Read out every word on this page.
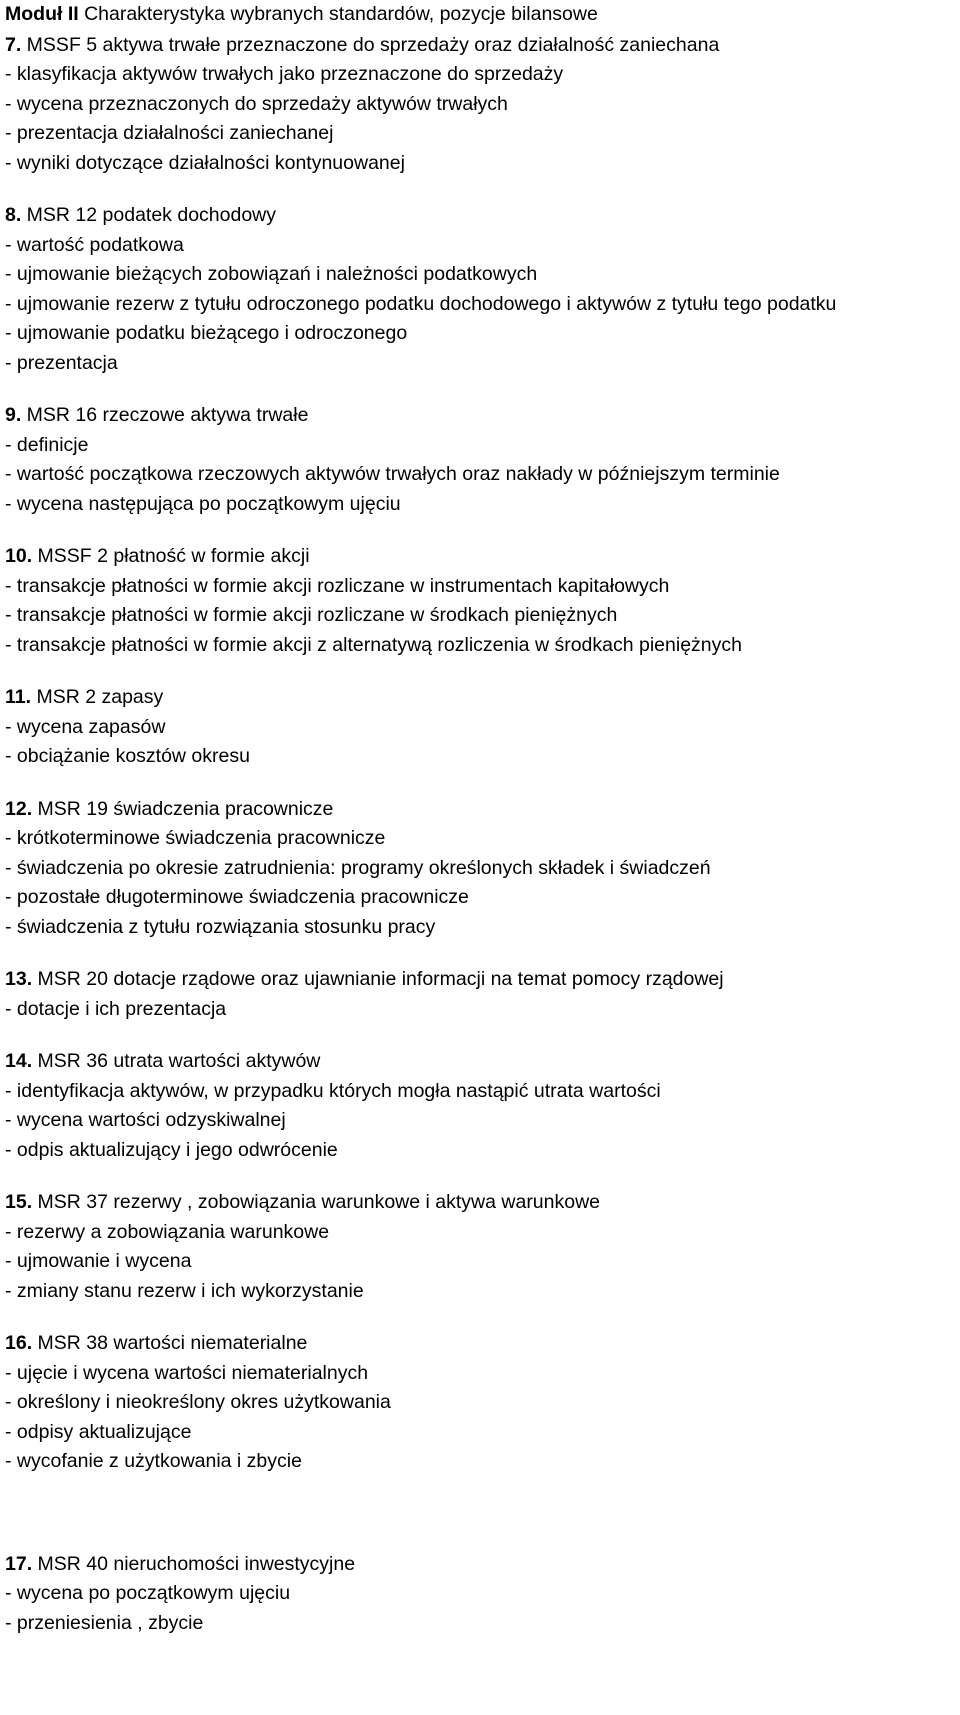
Moduł II Charakterystyka wybranych standardów, pozycje bilansowe
7. MSSF 5 aktywa trwałe przeznaczone do sprzedaży oraz działalność zaniechana
- klasyfikacja aktywów trwałych jako przeznaczone do sprzedaży
- wycena przeznaczonych do sprzedaży aktywów trwałych
- prezentacja działalności zaniechanej
- wyniki dotyczące działalności kontynuowanej
8. MSR 12 podatek dochodowy
- wartość podatkowa
- ujmowanie bieżących zobowiązań i należności podatkowych
- ujmowanie rezerw z tytułu odroczonego podatku dochodowego i aktywów z tytułu tego podatku
- ujmowanie podatku bieżącego i odroczonego
- prezentacja
9. MSR 16 rzeczowe aktywa trwałe
- definicje
- wartość początkowa rzeczowych aktywów trwałych oraz nakłady w późniejszym terminie
- wycena następująca po początkowym ujęciu
10. MSSF 2 płatność w formie akcji
- transakcje płatności w formie akcji rozliczane w instrumentach kapitałowych
- transakcje płatności w formie akcji rozliczane w środkach pieniężnych
- transakcje płatności w formie akcji z alternatywą rozliczenia w środkach pieniężnych
11. MSR 2 zapasy
- wycena zapasów
- obciążanie kosztów okresu
12. MSR 19 świadczenia pracownicze
- krótkoterminowe świadczenia pracownicze
- świadczenia po okresie zatrudnienia: programy określonych składek i świadczeń
- pozostałe długoterminowe świadczenia pracownicze
- świadczenia z tytułu rozwiązania stosunku pracy
13. MSR 20 dotacje rządowe oraz ujawnianie informacji na temat pomocy rządowej
- dotacje i ich prezentacja
14. MSR 36 utrata wartości aktywów
- identyfikacja aktywów, w przypadku których mogła nastąpić utrata wartości
- wycena wartości odzyskiwalnej
- odpis aktualizujący i jego odwrócenie
15. MSR 37 rezerwy , zobowiązania warunkowe i aktywa warunkowe
- rezerwy a zobowiązania warunkowe
- ujmowanie i wycena
- zmiany stanu rezerw i ich wykorzystanie
16. MSR 38 wartości niematerialne
- ujęcie i wycena wartości niematerialnych
- określony i nieokreślony okres użytkowania
- odpisy aktualizujące
- wycofanie z użytkowania i zbycie
17. MSR 40 nieruchomości inwestycyjne
- wycena po początkowym ujęciu
- przeniesienia , zbycie
